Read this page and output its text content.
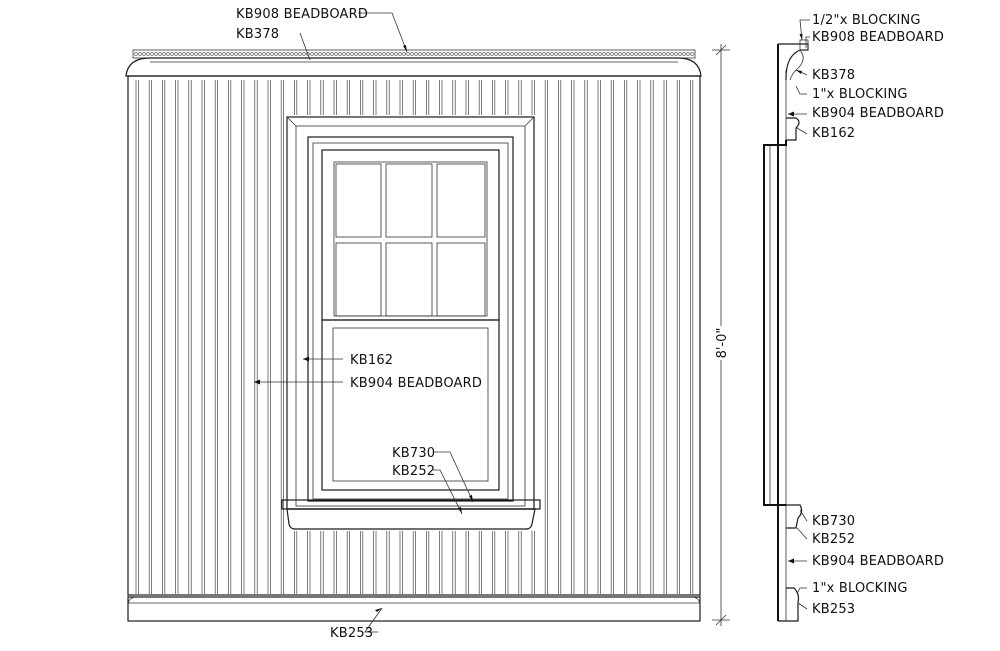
KB908 BEADBOARD
KB378
KB162
KB904 BEADBOARD
KB730
KB252
KB253
8'-0"
1/2"x BLOCKING
KB908 BEADBOARD
KB378
1"x BLOCKING
KB904 BEADBOARD
KB162
KB730
KB252
KB904 BEADBOARD
1"x BLOCKING
KB253
